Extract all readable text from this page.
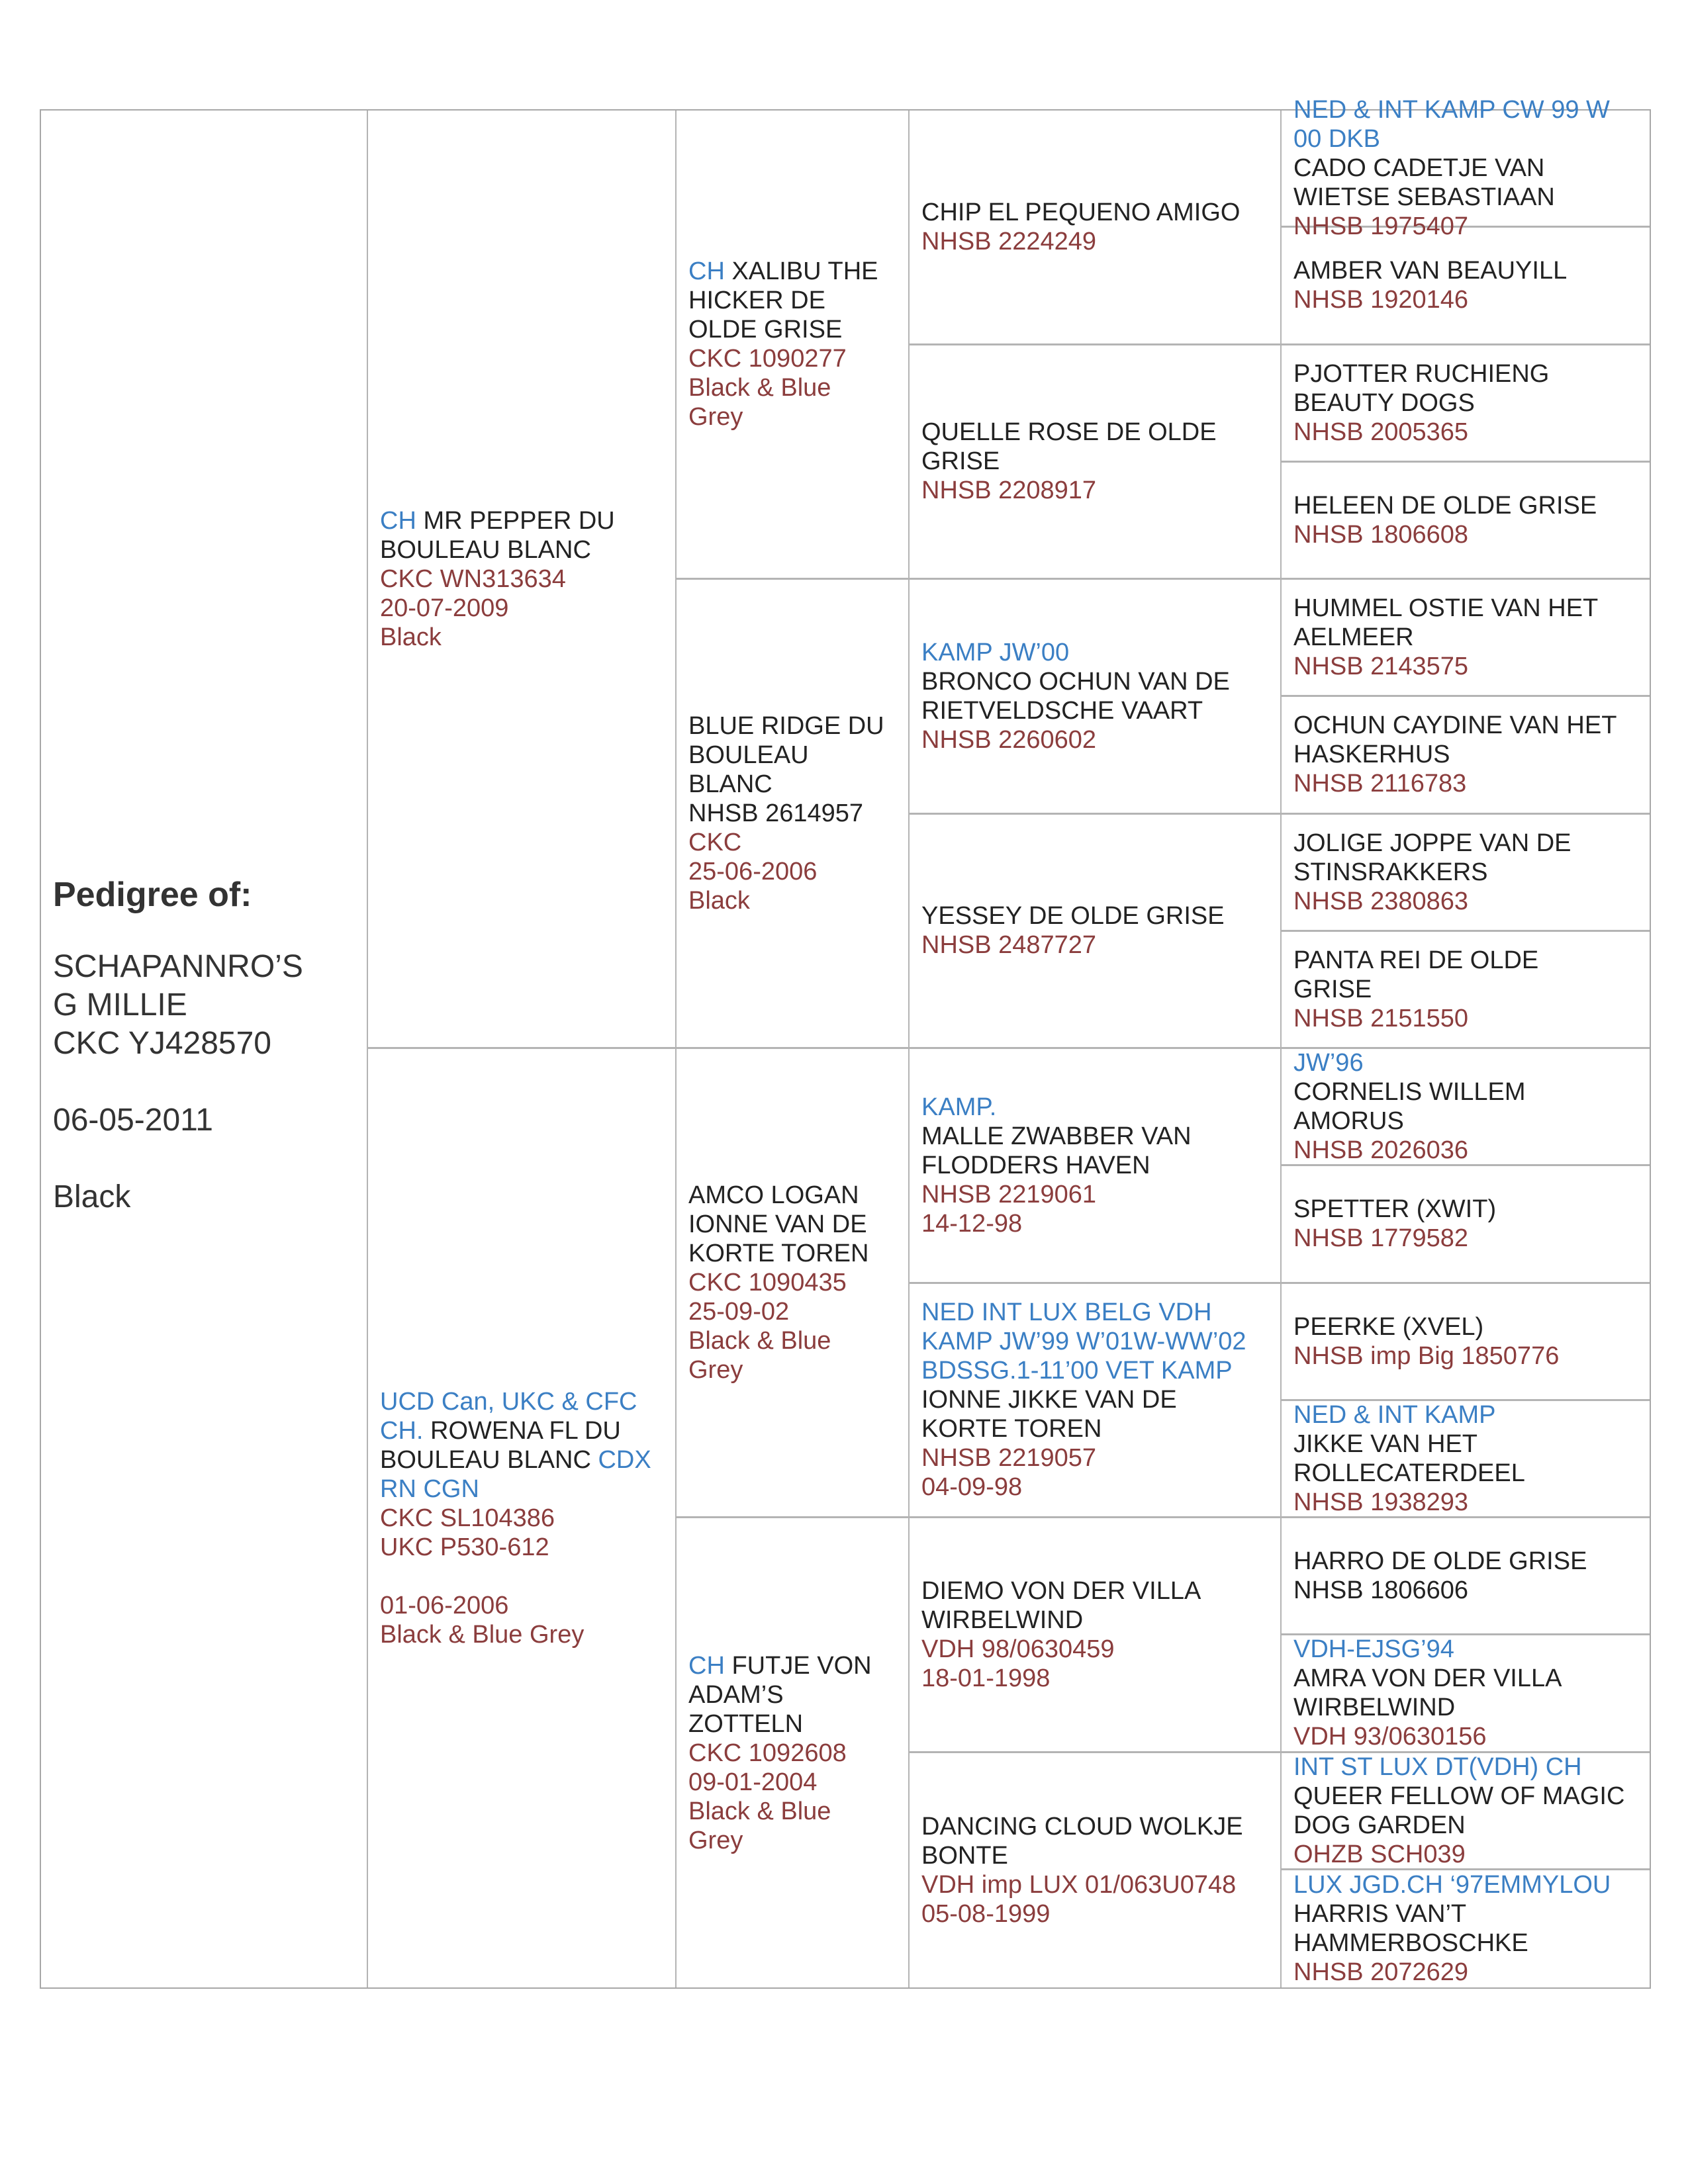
Pedigree of:
SCHAPANNRO’S
G MILLIE
CKC YJ428570
06-05-2011
Black
CH MR PEPPER DU
BOULEAU BLANC
CKC WN313634
20-07-2009
Black
UCD Can, UKC & CFC
CH. ROWENA FL DU
BOULEAU BLANC CDX
RN CGN
CKC SL104386
UKC P530-612
01-06-2006
Black & Blue Grey
CH XALIBU THE
HICKER DE
OLDE GRISE
CKC 1090277
Black & Blue
Grey
BLUE RIDGE DU
BOULEAU
BLANC
NHSB 2614957
CKC
25-06-2006
Black
AMCO LOGAN
IONNE VAN DE
KORTE TOREN
CKC 1090435
25-09-02
Black & Blue
Grey
CH FUTJE VON
ADAM’S
ZOTTELN
CKC 1092608
09-01-2004
Black & Blue
Grey
CHIP EL PEQUENO AMIGO
NHSB 2224249
QUELLE ROSE DE OLDE
GRISE
NHSB 2208917
KAMP JW’00
BRONCO OCHUN VAN DE
RIETVELDSCHE VAART
NHSB 2260602
YESSEY DE OLDE GRISE
NHSB 2487727
KAMP.
MALLE ZWABBER VAN
FLODDERS HAVEN
NHSB 2219061
14-12-98
NED INT LUX BELG VDH
KAMP JW’99 W’01W-WW’02
BDSSG.1-11’00 VET KAMP
IONNE JIKKE VAN DE
KORTE TOREN
NHSB 2219057
04-09-98
DIEMO VON DER VILLA
WIRBELWIND
VDH 98/0630459
18-01-1998
DANCING CLOUD WOLKJE
BONTE
VDH imp LUX 01/063U0748
05-08-1999
NED & INT KAMP CW 99 W
00 DKB
CADO CADETJE VAN
WIETSE SEBASTIAAN
NHSB 1975407
AMBER VAN BEAUYILL
NHSB 1920146
PJOTTER RUCHIENG
BEAUTY DOGS
NHSB 2005365
HELEEN DE OLDE GRISE
NHSB 1806608
HUMMEL OSTIE VAN HET
AELMEER
NHSB 2143575
OCHUN CAYDINE VAN HET
HASKERHUS
NHSB 2116783
JOLIGE JOPPE VAN DE
STINSRAKKERS
NHSB 2380863
PANTA REI DE OLDE
GRISE
NHSB 2151550
JW’96
CORNELIS WILLEM
AMORUS
NHSB 2026036
SPETTER (XWIT)
NHSB 1779582
PEERKE (XVEL)
NHSB imp Big 1850776
NED & INT KAMP
JIKKE VAN HET
ROLLECATERDEEL
NHSB 1938293
HARRO DE OLDE GRISE
NHSB 1806606
VDH-EJSG’94
AMRA VON DER VILLA
WIRBELWIND
VDH 93/0630156
INT ST LUX DT(VDH) CH
QUEER FELLOW OF MAGIC
DOG GARDEN
OHZB SCH039
LUX JGD.CH ‘97EMMYLOU
HARRIS VAN’T
HAMMERBOSCHKE
NHSB 2072629
